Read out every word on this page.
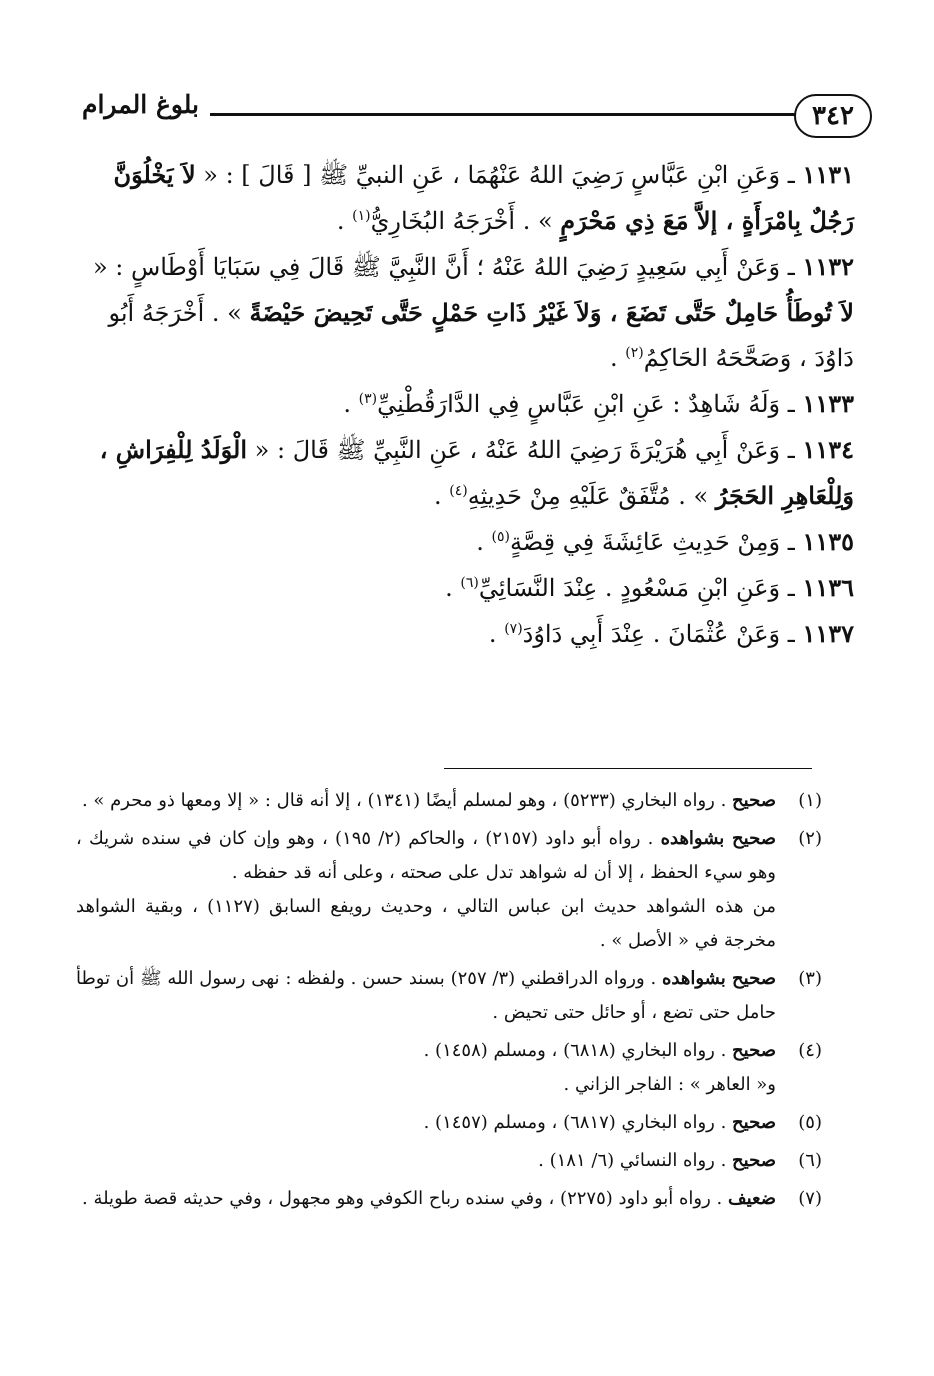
٣٤٢
بلوغ المرام

١١٣١ ـ وَعَنِ ابْنِ عَبَّاسٍ رَضِيَ اللهُ عَنْهُمَا ، عَنِ النبيِّ ﷺ [ قَالَ ] : « لاَ يَخْلُوَنَّ رَجُلٌ بِامْرَأَةٍ ، إلاَّ مَعَ ذِي مَحْرَمٍ » . أَخْرَجَهُ البُخَارِيُّ$^{(١)}$ .

١١٣٢ ـ وَعَنْ أَبِي سَعِيدٍ رَضِيَ اللهُ عَنْهُ ؛ أَنَّ النَّبِيَّ ﷺ قَالَ فِي سَبَايَا أَوْطَاسٍ : « لاَ تُوطَأُ حَامِلٌ حَتَّى تَضَعَ ، وَلاَ غَيْرُ ذَاتِ حَمْلٍ حَتَّى تَحِيضَ حَيْضَةً » . أَخْرَجَهُ أَبُو دَاوُدَ ، وَصَحَّحَهُ الحَاكِمُ$^{(٢)}$ .

١١٣٣ ـ وَلَهُ شَاهِدٌ : عَنِ ابْنِ عَبَّاسٍ فِي الدَّارَقُطْنِيِّ$^{(٣)}$ .

١١٣٤ ـ وَعَنْ أَبِي هُرَيْرَةَ رَضِيَ اللهُ عَنْهُ ، عَنِ النَّبِيِّ ﷺ قَالَ : « الْوَلَدُ لِلْفِرَاشِ ، وَلِلْعَاهِرِ الحَجَرُ » . مُتَّفَقٌ عَلَيْهِ مِنْ حَدِيثِهِ$^{(٤)}$ .

١١٣٥ ـ وَمِنْ حَدِيثِ عَائِشَةَ فِي قِصَّةٍ$^{(٥)}$ .

١١٣٦ ـ وَعَنِ ابْنِ مَسْعُودٍ . عِنْدَ النَّسَائِيِّ$^{(٦)}$ .

١١٣٧ ـ وَعَنْ عُثْمَانَ . عِنْدَ أَبِي دَاوُدَ$^{(٧)}$ .

(١)
صحيح . رواه البخاري (٥٢٣٣) ، وهو لمسلم أيضًا (١٣٤١) ، إلا أنه قال : « إلا ومعها ذو محرم » .
(٢)
صحيح بشواهده . رواه أبو داود (٢١٥٧) ، والحاكم (٢/ ١٩٥) ، وهو وإن كان في سنده شريك ، وهو سيء الحفظ ، إلا أن له شواهد تدل على صحته ، وعلى أنه قد حفظه .

من هذه الشواهد حديث ابن عباس التالي ، وحديث رويفع السابق (١١٢٧) ، وبقية الشواهد مخرجة في « الأصل » .

(٣)
صحيح بشواهده . ورواه الدراقطني (٣/ ٢٥٧) بسند حسن . ولفظه : نهى رسول الله ﷺ أن توطأ حامل حتى تضع ، أو حائل حتى تحيض .
(٤)
صحيح . رواه البخاري (٦٨١٨) ، ومسلم (١٤٥٨) .

و« العاهر » : الفاجر الزاني .

(٥)
صحيح . رواه البخاري (٦٨١٧) ، ومسلم (١٤٥٧) .
(٦)
صحيح . رواه النسائي (٦/ ١٨١) .
(٧)
ضعيف . رواه أبو داود (٢٢٧٥) ، وفي سنده رباح الكوفي وهو مجهول ، وفي حديثه قصة طويلة .
